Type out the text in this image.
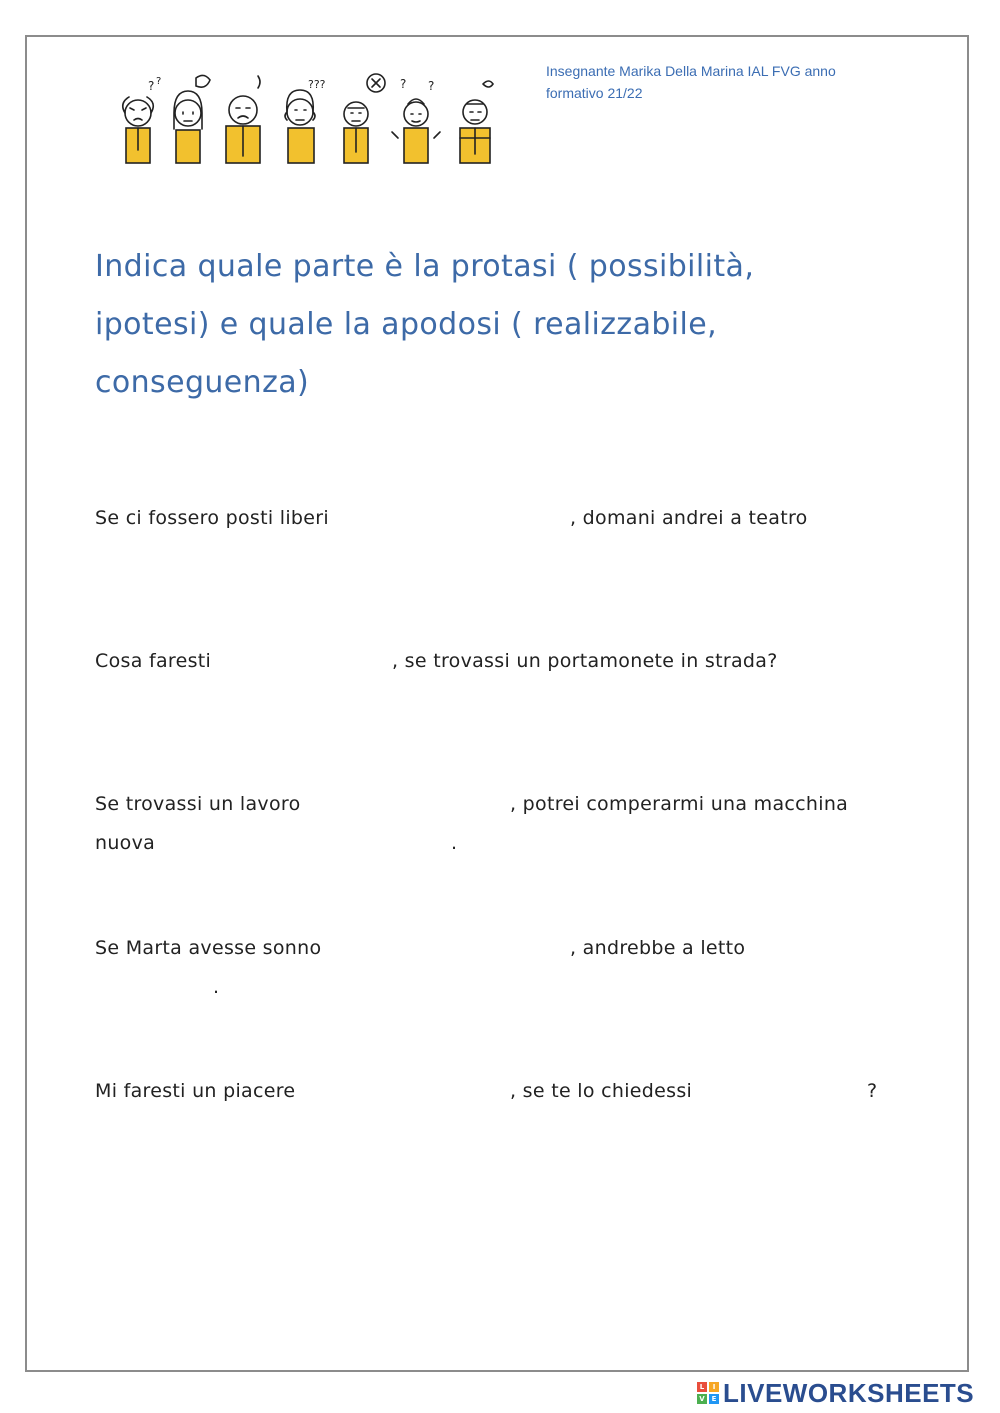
Insegnante Marika Della Marina IAL FVG anno
formativo 21/22
? ?	???	? ?
Indica quale parte è la protasi ( possibilità,
ipotesi) e quale la apodosi ( realizzabile,
conseguenza)
Se ci fossero posti liberi	, domani andrei a teatro
Cosa faresti	, se trovassi un portamonete in strada?
Se trovassi un lavoro	, potrei comperarmi una macchina
nuova	.
Se Marta avesse sonno	, andrebbe a letto
.
Mi faresti un piacere	, se te lo chiedessi	?
L	I
V E LIVEWORKSHEETS
